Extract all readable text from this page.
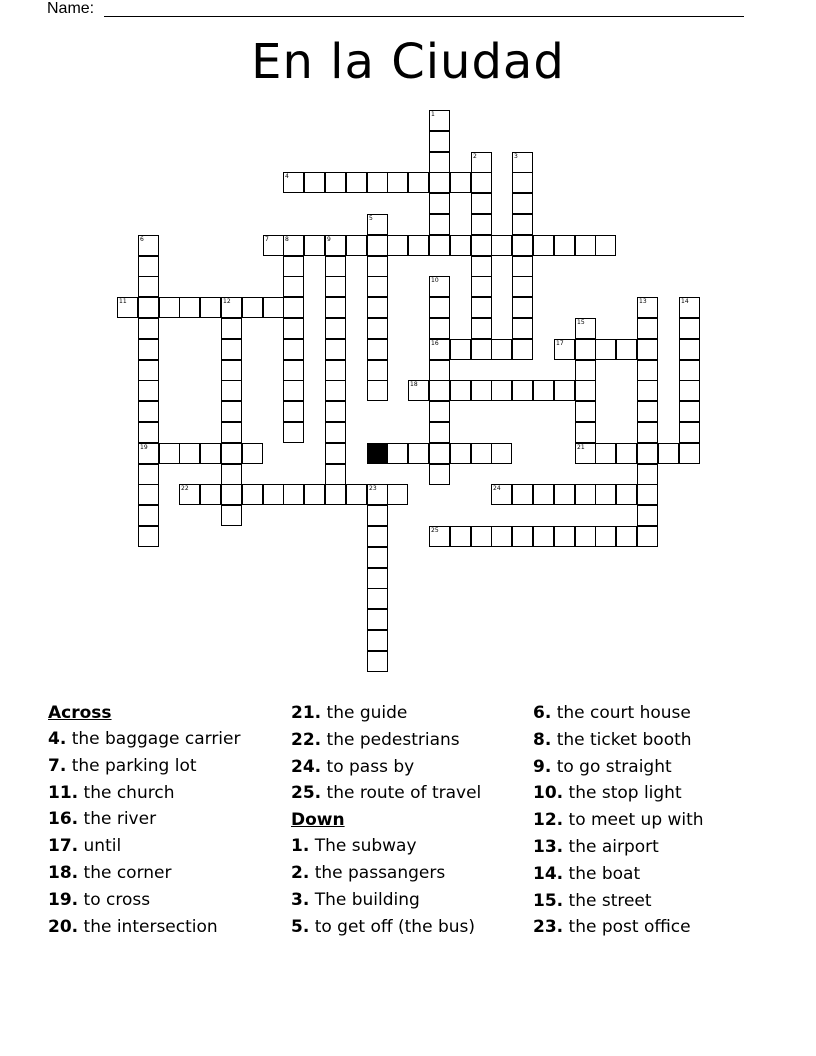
Name:
En la Ciudad
1
2	3
4
5
6
19
7	8	9
10
16
11	12	13	14
15
21
17
18
20
22	23	24
25
Across
4. the baggage carrier
7. the parking lot
11. the church
16. the river
17. until
18. the corner
19. to cross
20. the intersection
21. the guide
22. the pedestrians
24. to pass by
25. the route of travel
Down
1. The subway
2. the passangers
3. The building
5. to get off (the bus)
6. the court house
8. the ticket booth
9. to go straight
10. the stop light
12. to meet up with
13. the airport
14. the boat
15. the street
23. the post office
